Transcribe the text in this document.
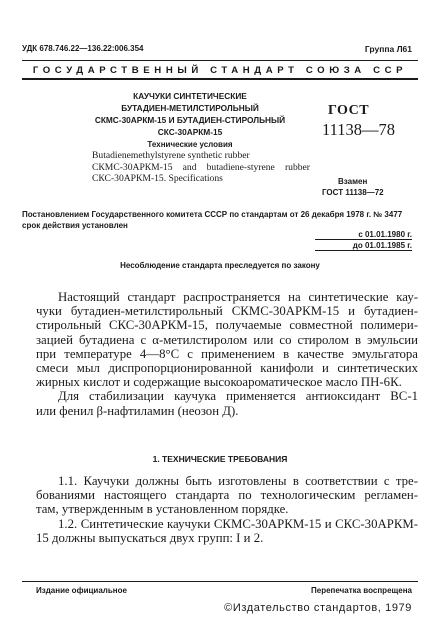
УДК 678.746.22—136.22:006.354	Группа Л61
ГОСУДАРСТВЕННЫЙ СТАНДАРТ СОЮЗА ССР
КАУЧУКИ СИНТЕТИЧЕСКИЕ
БУТАДИЕН-МЕТИЛСТИРОЛЬНЫЙ
СКМС-30АРКМ-15 И БУТАДИЕН-СТИРОЛЬНЫЙ
СКС-30АРКМ-15
Технические условия
Butadienemethylstyrene synthetic rubber
СКМС-30АРКМ-15 and butadiene-styrene rubber
СКС-30АРКМ-15. Specifications
ГОСТ
11138—78
Взамен
ГОСТ 11138—72
Постановлением Государственного комитета СССР по стандартам от 26 декабря 1978 г. № 3477 срок действия установлен
с 01.01.1980 г.
до 01.01.1985 г.
Несоблюдение стандарта преследуется по закону
Настоящий стандарт распространяется на синтетические кау-
чуки бутадиен-метилстирольный СКМС-30АРКМ-15 и бутадиен-
стирольный СКС-30АРКМ-15, получаемые совместной полимери-
зацией бутадиена с α-метилстиролом или со стиролом в эмульсии
при температуре 4—8°С с применением в качестве эмульгатора
смеси мыл диспропорционированной канифоли и синтетических
жирных кислот и содержащие высокоароматическое масло ПН-6К.
Для стабилизации каучука применяется антиоксидант ВС-1
или фенил β-нафтиламин (неозон Д).
1. ТЕХНИЧЕСКИЕ ТРЕБОВАНИЯ
1.1. Каучуки должны быть изготовлены в соответствии с тре-
бованиями настоящего стандарта по технологическим регламен-
там, утвержденным в установленном порядке.
1.2. Синтетические каучуки СКМС-30АРКМ-15 и СКС-30АРКМ-
15 должны выпускаться двух групп: I и 2.
Издание официальное	Перепечатка воспрещена
©Издательство стандартов, 1979
